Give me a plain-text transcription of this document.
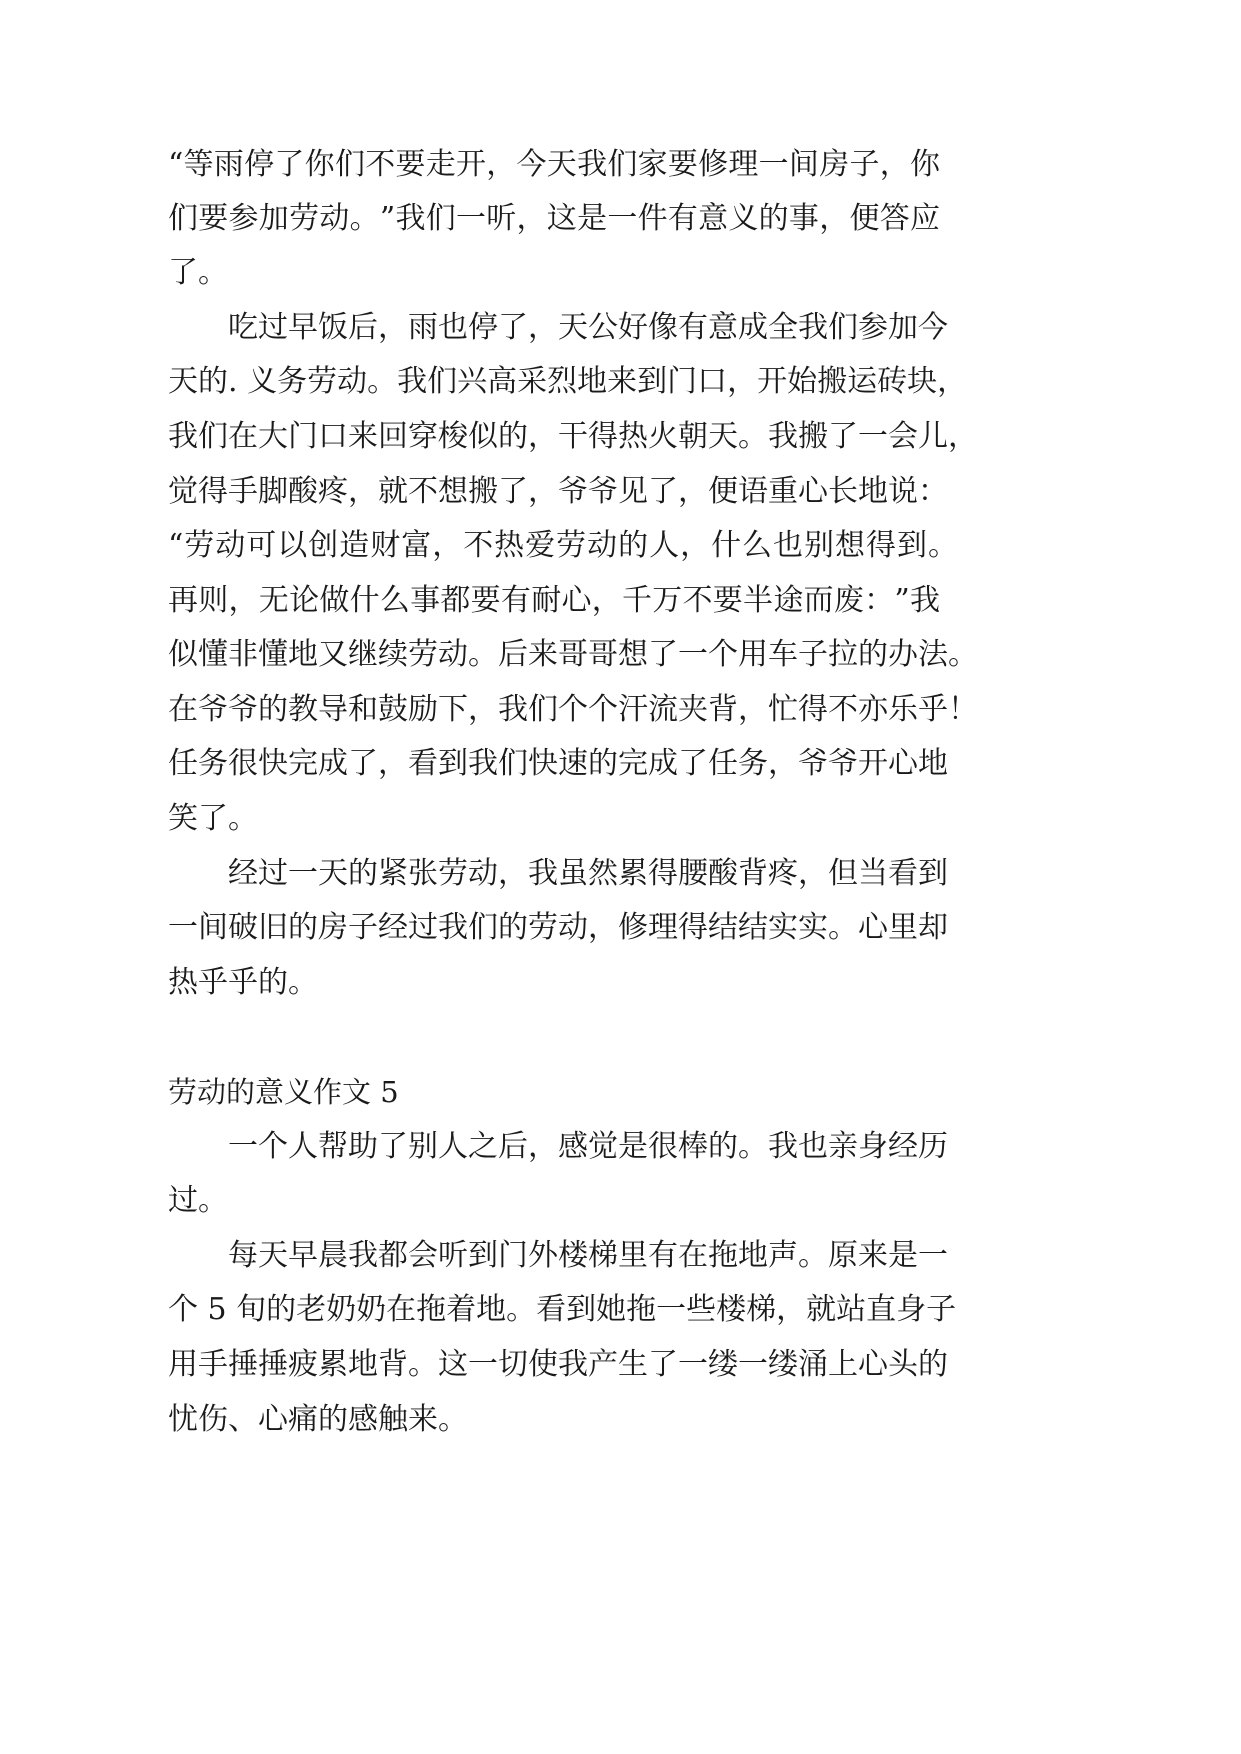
“ 等 雨 停 了 你 们 不 要 走 开 ， 今 天 我 们 家 要 修 理 一 间 房 子 ， 你
们 要 参 加 劳 动 。 ” 我 们 一 听 ， 这 是 一 件 有 意 义 的 事 ， 便 答 应
了。
吃 过 早 饭 后 ， 雨 也 停 了 ， 天 公 好 像 有 意 成 全 我 们 参 加 今
天 的 . 义 务 劳 动 。 我 们 兴 高 采 烈 地 来 到 门 口 ， 开 始 搬 运 砖 块 ，
我 们 在 大 门 口 来 回 穿 梭 似 的 ， 干 得 热 火 朝 天 。 我 搬 了 一 会 儿 ，
觉 得 手 脚 酸 疼 ， 就 不 想 搬 了 ， 爷 爷 见 了 ， 便 语 重 心 长 地 说 ：
“ 劳 动 可 以 创 造 财 富 ， 不 热 爱 劳 动 的 人 ， 什 么 也 别 想 得 到 。
再 则 ， 无 论 做 什 么 事 都 要 有 耐 心 ， 千 万 不 要 半 途 而 废 ： ” 我
似 懂 非 懂 地 又 继 续 劳 动 。 后 来 哥 哥 想 了 一 个 用 车 子 拉 的 办 法 。
在 爷 爷 的 教 导 和 鼓 励 下 ， 我 们 个 个 汗 流 夹 背 ， 忙 得 不 亦 乐 乎 ！
任 务 很 快 完 成 了 ， 看 到 我 们 快 速 的 完 成 了 任 务 ， 爷 爷 开 心 地
笑了。
经 过 一 天 的 紧 张 劳 动 ， 我 虽 然 累 得 腰 酸 背 疼 ， 但 当 看 到
一 间 破 旧 的 房 子 经 过 我 们 的 劳 动 ， 修 理 得 结 结 实 实 。 心 里 却
热乎乎的。
劳动的意义作文 5
一 个 人 帮 助 了 别 人 之 后 ， 感 觉 是 很 棒 的 。 我 也 亲 身 经 历
过。
每 天 早 晨 我 都 会 听 到 门 外 楼 梯 里 有 在 拖 地 声 。 原 来 是 一
个 5 旬 的 老 奶 奶 在 拖 着 地 。 看 到 她 拖 一 些 楼 梯 ， 就 站 直 身 子
用 手 捶 捶 疲 累 地 背 。 这 一 切 使 我 产 生 了 一 缕 一 缕 涌 上 心 头 的
忧伤、心痛的感触来。
